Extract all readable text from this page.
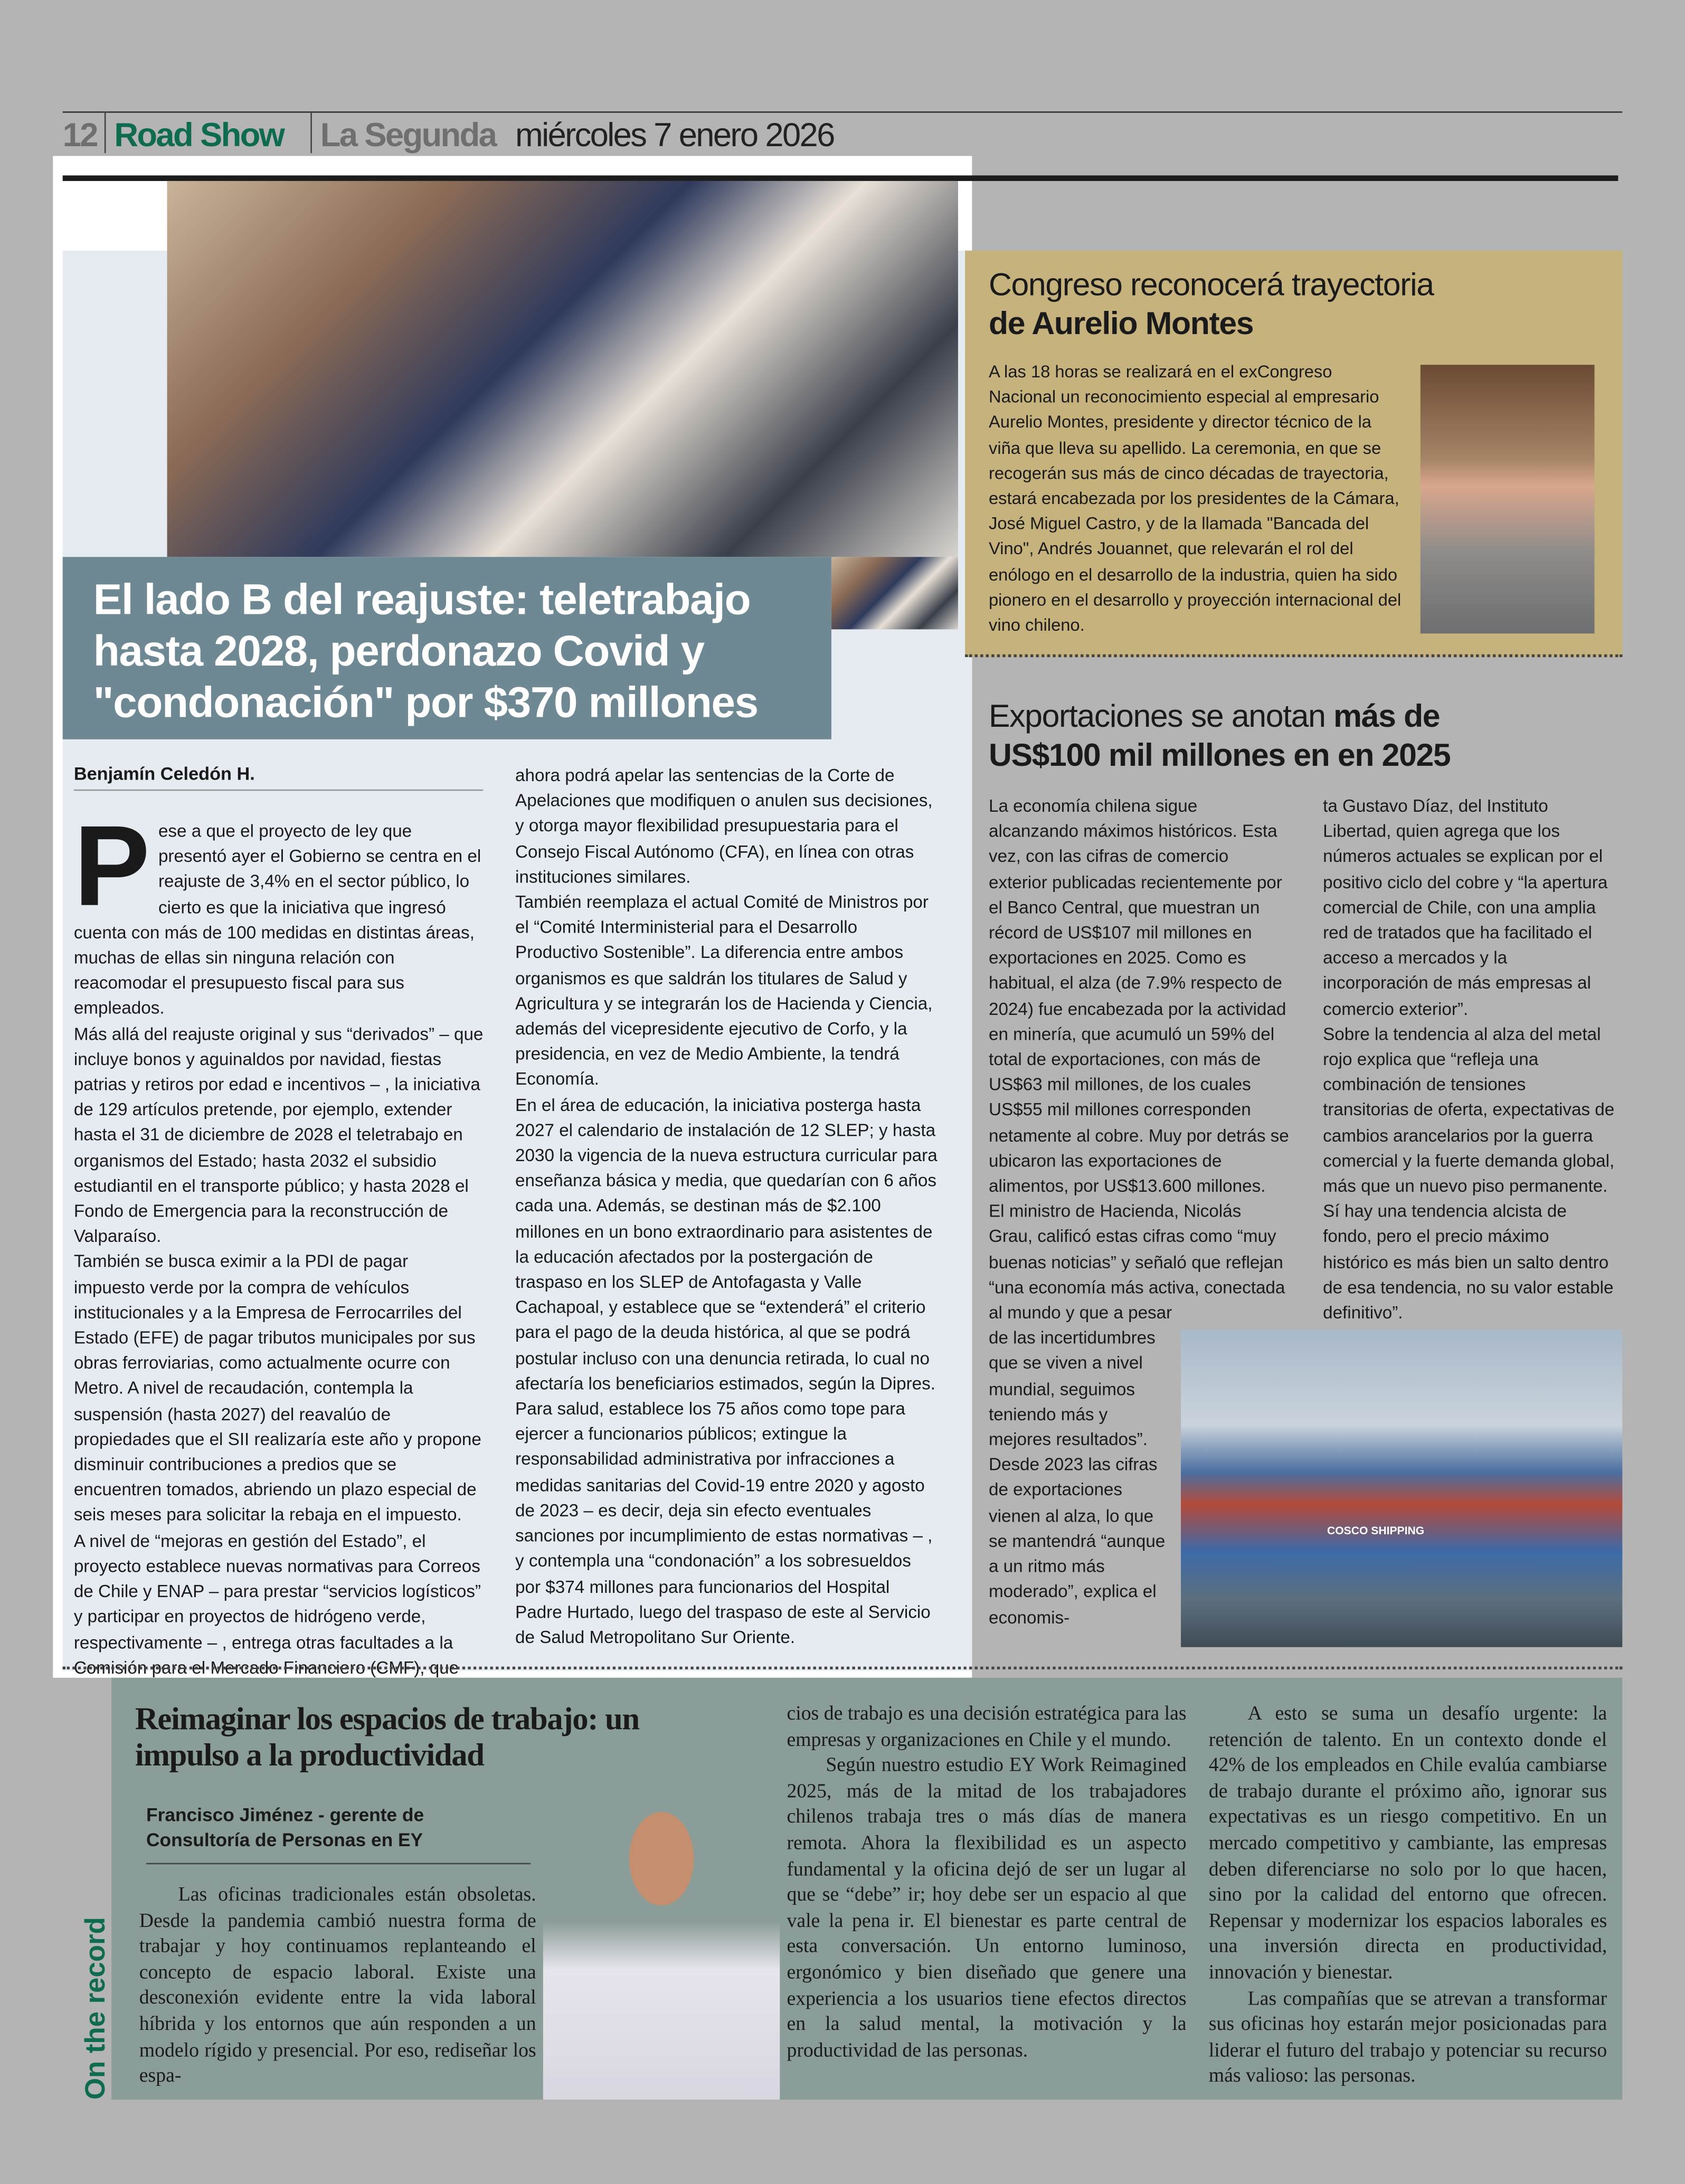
12 Road Show	La Segunda miércoles 7 enero 2026
El lado B del reajuste: teletrabajo hasta 2028, perdonazo Covid y "condonación" por $370 millones
Benjamín Celedón H.
P	ese a que el proyecto de ley que presentó ayer el Gobierno se centra en el reajuste de 3,4% en el sector público, lo cierto es que la iniciativa que ingresó cuenta con más de 100 medidas en distintas áreas, muchas de ellas sin ninguna relación con reacomodar el presupuesto fiscal para sus empleados.

Más allá del reajuste original y sus “derivados” – que incluye bonos y aguinaldos por navidad, fiestas patrias y retiros por edad e incentivos – , la iniciativa de 129 artículos pretende, por ejemplo, extender hasta el 31 de diciembre de 2028 el teletrabajo en organismos del Estado; hasta 2032 el subsidio estudiantil en el transporte público; y hasta 2028 el Fondo de Emergencia para la reconstrucción de Valparaíso.

También se busca eximir a la PDI de pagar impuesto verde por la compra de vehículos institucionales y a la Empresa de Ferrocarriles del Estado (EFE) de pagar tributos municipales por sus obras ferroviarias, como actualmente ocurre con Metro. A nivel de recaudación, contempla la suspensión (hasta 2027) del reavalúo de propiedades que el SII realizaría este año y propone disminuir contribuciones a predios que se encuentren tomados, abriendo un plazo especial de seis meses para solicitar la rebaja en el impuesto.

A nivel de “mejoras en gestión del Estado”, el proyecto establece nuevas normativas para Correos de Chile y ENAP – para prestar “servicios logísticos” y participar en proyectos de hidrógeno verde, respectivamente – , entrega otras facultades a la Comisión para el Mercado Financiero (CMF), que

ahora podrá apelar las sentencias de la Corte de Apelaciones que modifiquen o anulen sus decisiones, y otorga mayor flexibilidad presupuestaria para el Consejo Fiscal Autónomo (CFA), en línea con otras instituciones similares.

También reemplaza el actual Comité de Ministros por el “Comité Interministerial para el Desarrollo Productivo Sostenible”. La diferencia entre ambos organismos es que saldrán los titulares de Salud y Agricultura y se integrarán los de Hacienda y Ciencia, además del vicepresidente ejecutivo de Corfo, y la presidencia, en vez de Medio Ambiente, la tendrá Economía.

En el área de educación, la iniciativa posterga hasta 2027 el calendario de instalación de 12 SLEP; y hasta 2030 la vigencia de la nueva estructura curricular para enseñanza básica y media, que quedarían con 6 años cada una. Además, se destinan más de $2.100 millones en un bono extraordinario para asistentes de la educación afectados por la postergación de traspaso en los SLEP de Antofagasta y Valle Cachapoal, y establece que se “extenderá” el criterio para el pago de la deuda histórica, al que se podrá postular incluso con una denuncia retirada, lo cual no afectaría los beneficiarios estimados, según la Dipres.

Para salud, establece los 75 años como tope para ejercer a funcionarios públicos; extingue la responsabilidad administrativa por infracciones a medidas sanitarias del Covid-19 entre 2020 y agosto de 2023 – es decir, deja sin efecto eventuales sanciones por incumplimiento de estas normativas – , y contempla una “condonación” a los sobresueldos por $374 millones para funcionarios del Hospital Padre Hurtado, luego del traspaso de este al Servicio de Salud Metropolitano Sur Oriente.

Congreso reconocerá trayectoria
de Aurelio Montes
A las 18 horas se realizará en el exCongreso Nacional un reconocimiento especial al empresario Aurelio Montes, presidente y director técnico de la viña que lleva su apellido. La ceremonia, en que se recogerán sus más de cinco décadas de trayectoria, estará encabezada por los presidentes de la Cámara, José Miguel Castro, y de la llamada "Bancada del Vino", Andrés Jouannet, que relevarán el rol del enólogo en el desarrollo de la industria, quien ha sido pionero en el desarrollo y proyección internacional del vino chileno.
Exportaciones se anotan más de
US$100 mil millones en en 2025

La economía chilena sigue alcanzando máximos históricos. Esta vez, con las cifras de comercio exterior publicadas recientemente por el Banco Central, que muestran un récord de US$107 mil millones en exportaciones en 2025. Como es habitual, el alza (de 7.9% respecto de 2024) fue encabezada por la actividad en minería, que acumuló un 59% del total de exportaciones, con más de US$63 mil millones, de los cuales US$55 mil millones corresponden netamente al cobre. Muy por detrás se ubicaron las exportaciones de alimentos, por US$13.600 millones.

El ministro de Hacienda, Nicolás Grau, calificó estas cifras como “muy buenas noticias” y señaló que reflejan “una economía más activa, conectada al mundo y que a pesar de las incertidumbres que se viven a nivel mundial, seguimos teniendo más y mejores resultados”. Desde 2023 las cifras de exportaciones vienen al alza, lo que se mantendrá “aunque a un ritmo más moderado”, explica el economis-

ta Gustavo Díaz, del Instituto Libertad, quien agrega que los números actuales se explican por el positivo ciclo del cobre y “la apertura comercial de Chile, con una amplia red de tratados que ha facilitado el acceso a mercados y la incorporación de más empresas al comercio exterior”.

Sobre la tendencia al alza del metal rojo explica que “refleja una combinación de tensiones transitorias de oferta, expectativas de cambios arancelarios por la guerra comercial y la fuerte demanda global, más que un nuevo piso permanente. Sí hay una tendencia alcista de fondo, pero el precio máximo histórico es más bien un salto dentro de esa tendencia, no su valor estable definitivo”.

COSCO SHIPPING
On the record
Reimaginar los espacios de trabajo: un impulso a la productividad
Francisco Jiménez - gerente de Consultoría de Personas en EY

Las oficinas tradicionales están obsoletas. Desde la pandemia cambió nuestra forma de trabajar y hoy continuamos replanteando el concepto de espacio laboral. Existe una desconexión evidente entre la vida laboral híbrida y los entornos que aún responden a un modelo rígido y presencial. Por eso, rediseñar los espa-

cios de trabajo es una decisión estratégica para las empresas y organizaciones en Chile y el mundo.

Según nuestro estudio EY Work Reimagined 2025, más de la mitad de los trabajadores chilenos trabaja tres o más días de manera remota. Ahora la flexibilidad es un aspecto fundamental y la oficina dejó de ser un lugar al que se “debe” ir; hoy debe ser un espacio al que vale la pena ir. El bienestar es parte central de esta conversación. Un entorno luminoso, ergonómico y bien diseñado que genere una experiencia a los usuarios tiene efectos directos en la salud mental, la motivación y la productividad de las personas.

A esto se suma un desafío urgente: la retención de talento. En un contexto donde el 42% de los empleados en Chile evalúa cambiarse de trabajo durante el próximo año, ignorar sus expectativas es un riesgo competitivo. En un mercado competitivo y cambiante, las empresas deben diferenciarse no solo por lo que hacen, sino por la calidad del entorno que ofrecen. Repensar y modernizar los espacios laborales es una inversión directa en productividad, innovación y bienestar.

Las compañías que se atrevan a transformar sus oficinas hoy estarán mejor posicionadas para liderar el futuro del trabajo y potenciar su recurso más valioso: las personas.
